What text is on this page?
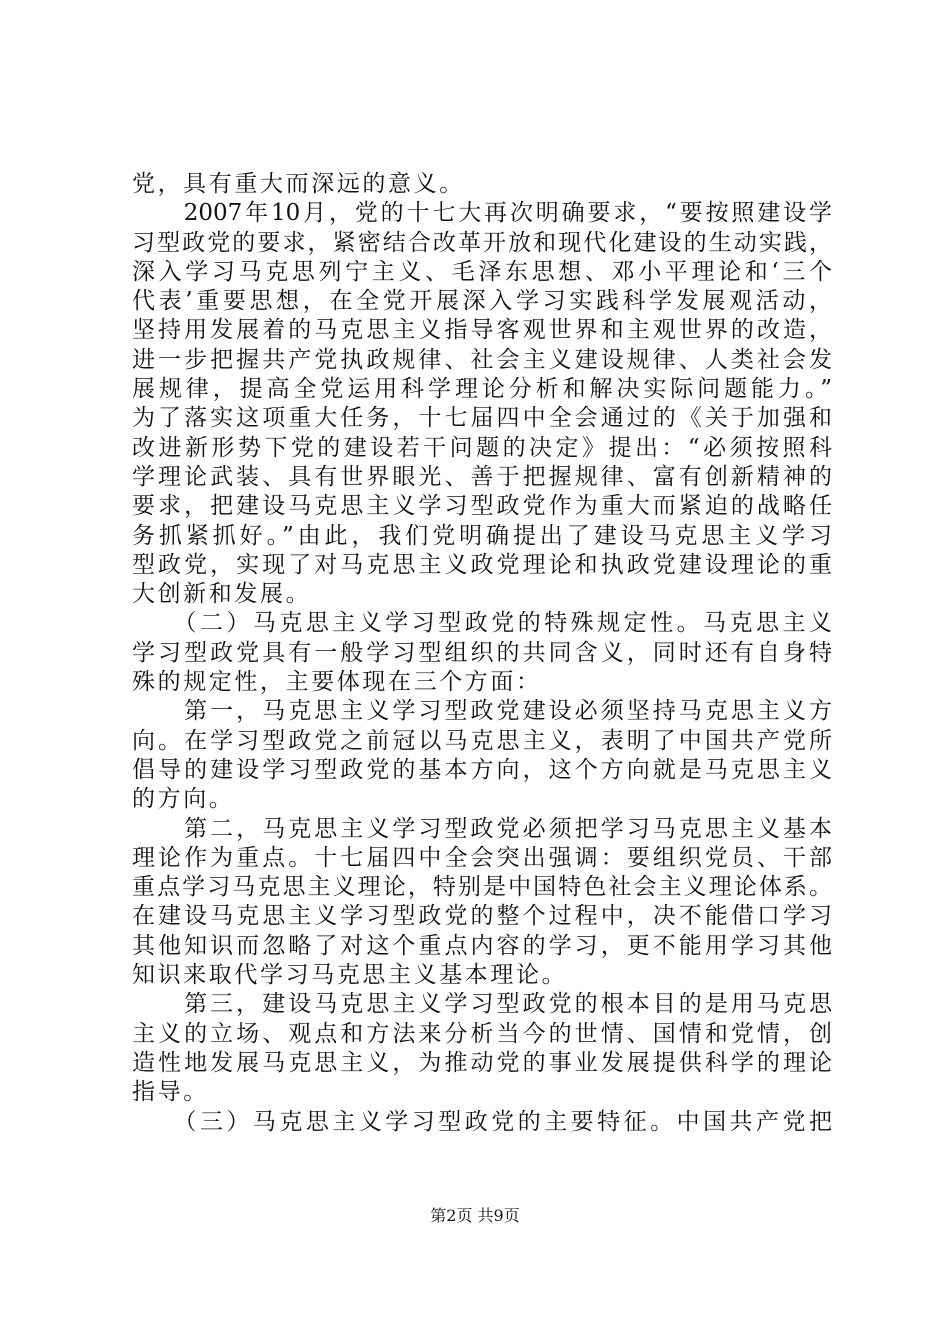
党，具有重大而深远的意义。
　　2007年10月，党的十七大再次明确要求，“要按照建设学
习型政党的要求，紧密结合改革开放和现代化建设的生动实践，
深入学习马克思列宁主义、毛泽东思想、邓小平理论和‘三个
代表’重要思想，在全党开展深入学习实践科学发展观活动，
坚持用发展着的马克思主义指导客观世界和主观世界的改造，
进一步把握共产党执政规律、社会主义建设规律、人类社会发
展规律，提高全党运用科学理论分析和解决实际问题能力。”
为了落实这项重大任务，十七届四中全会通过的《关于加强和
改进新形势下党的建设若干问题的决定》提出：“必须按照科
学理论武装、具有世界眼光、善于把握规律、富有创新精神的
要求，把建设马克思主义学习型政党作为重大而紧迫的战略任
务抓紧抓好。”由此，我们党明确提出了建设马克思主义学习
型政党，实现了对马克思主义政党理论和执政党建设理论的重
大创新和发展。
　　（二）马克思主义学习型政党的特殊规定性。马克思主义
学习型政党具有一般学习型组织的共同含义，同时还有自身特
殊的规定性，主要体现在三个方面：
　　第一，马克思主义学习型政党建设必须坚持马克思主义方
向。在学习型政党之前冠以马克思主义，表明了中国共产党所
倡导的建设学习型政党的基本方向，这个方向就是马克思主义
的方向。
　　第二，马克思主义学习型政党必须把学习马克思主义基本
理论作为重点。十七届四中全会突出强调：要组织党员、干部
重点学习马克思主义理论，特别是中国特色社会主义理论体系。
在建设马克思主义学习型政党的整个过程中，决不能借口学习
其他知识而忽略了对这个重点内容的学习，更不能用学习其他
知识来取代学习马克思主义基本理论。
　　第三，建设马克思主义学习型政党的根本目的是用马克思
主义的立场、观点和方法来分析当今的世情、国情和党情，创
造性地发展马克思主义，为推动党的事业发展提供科学的理论
指导。
　　（三）马克思主义学习型政党的主要特征。中国共产党把
第2页 共9页
